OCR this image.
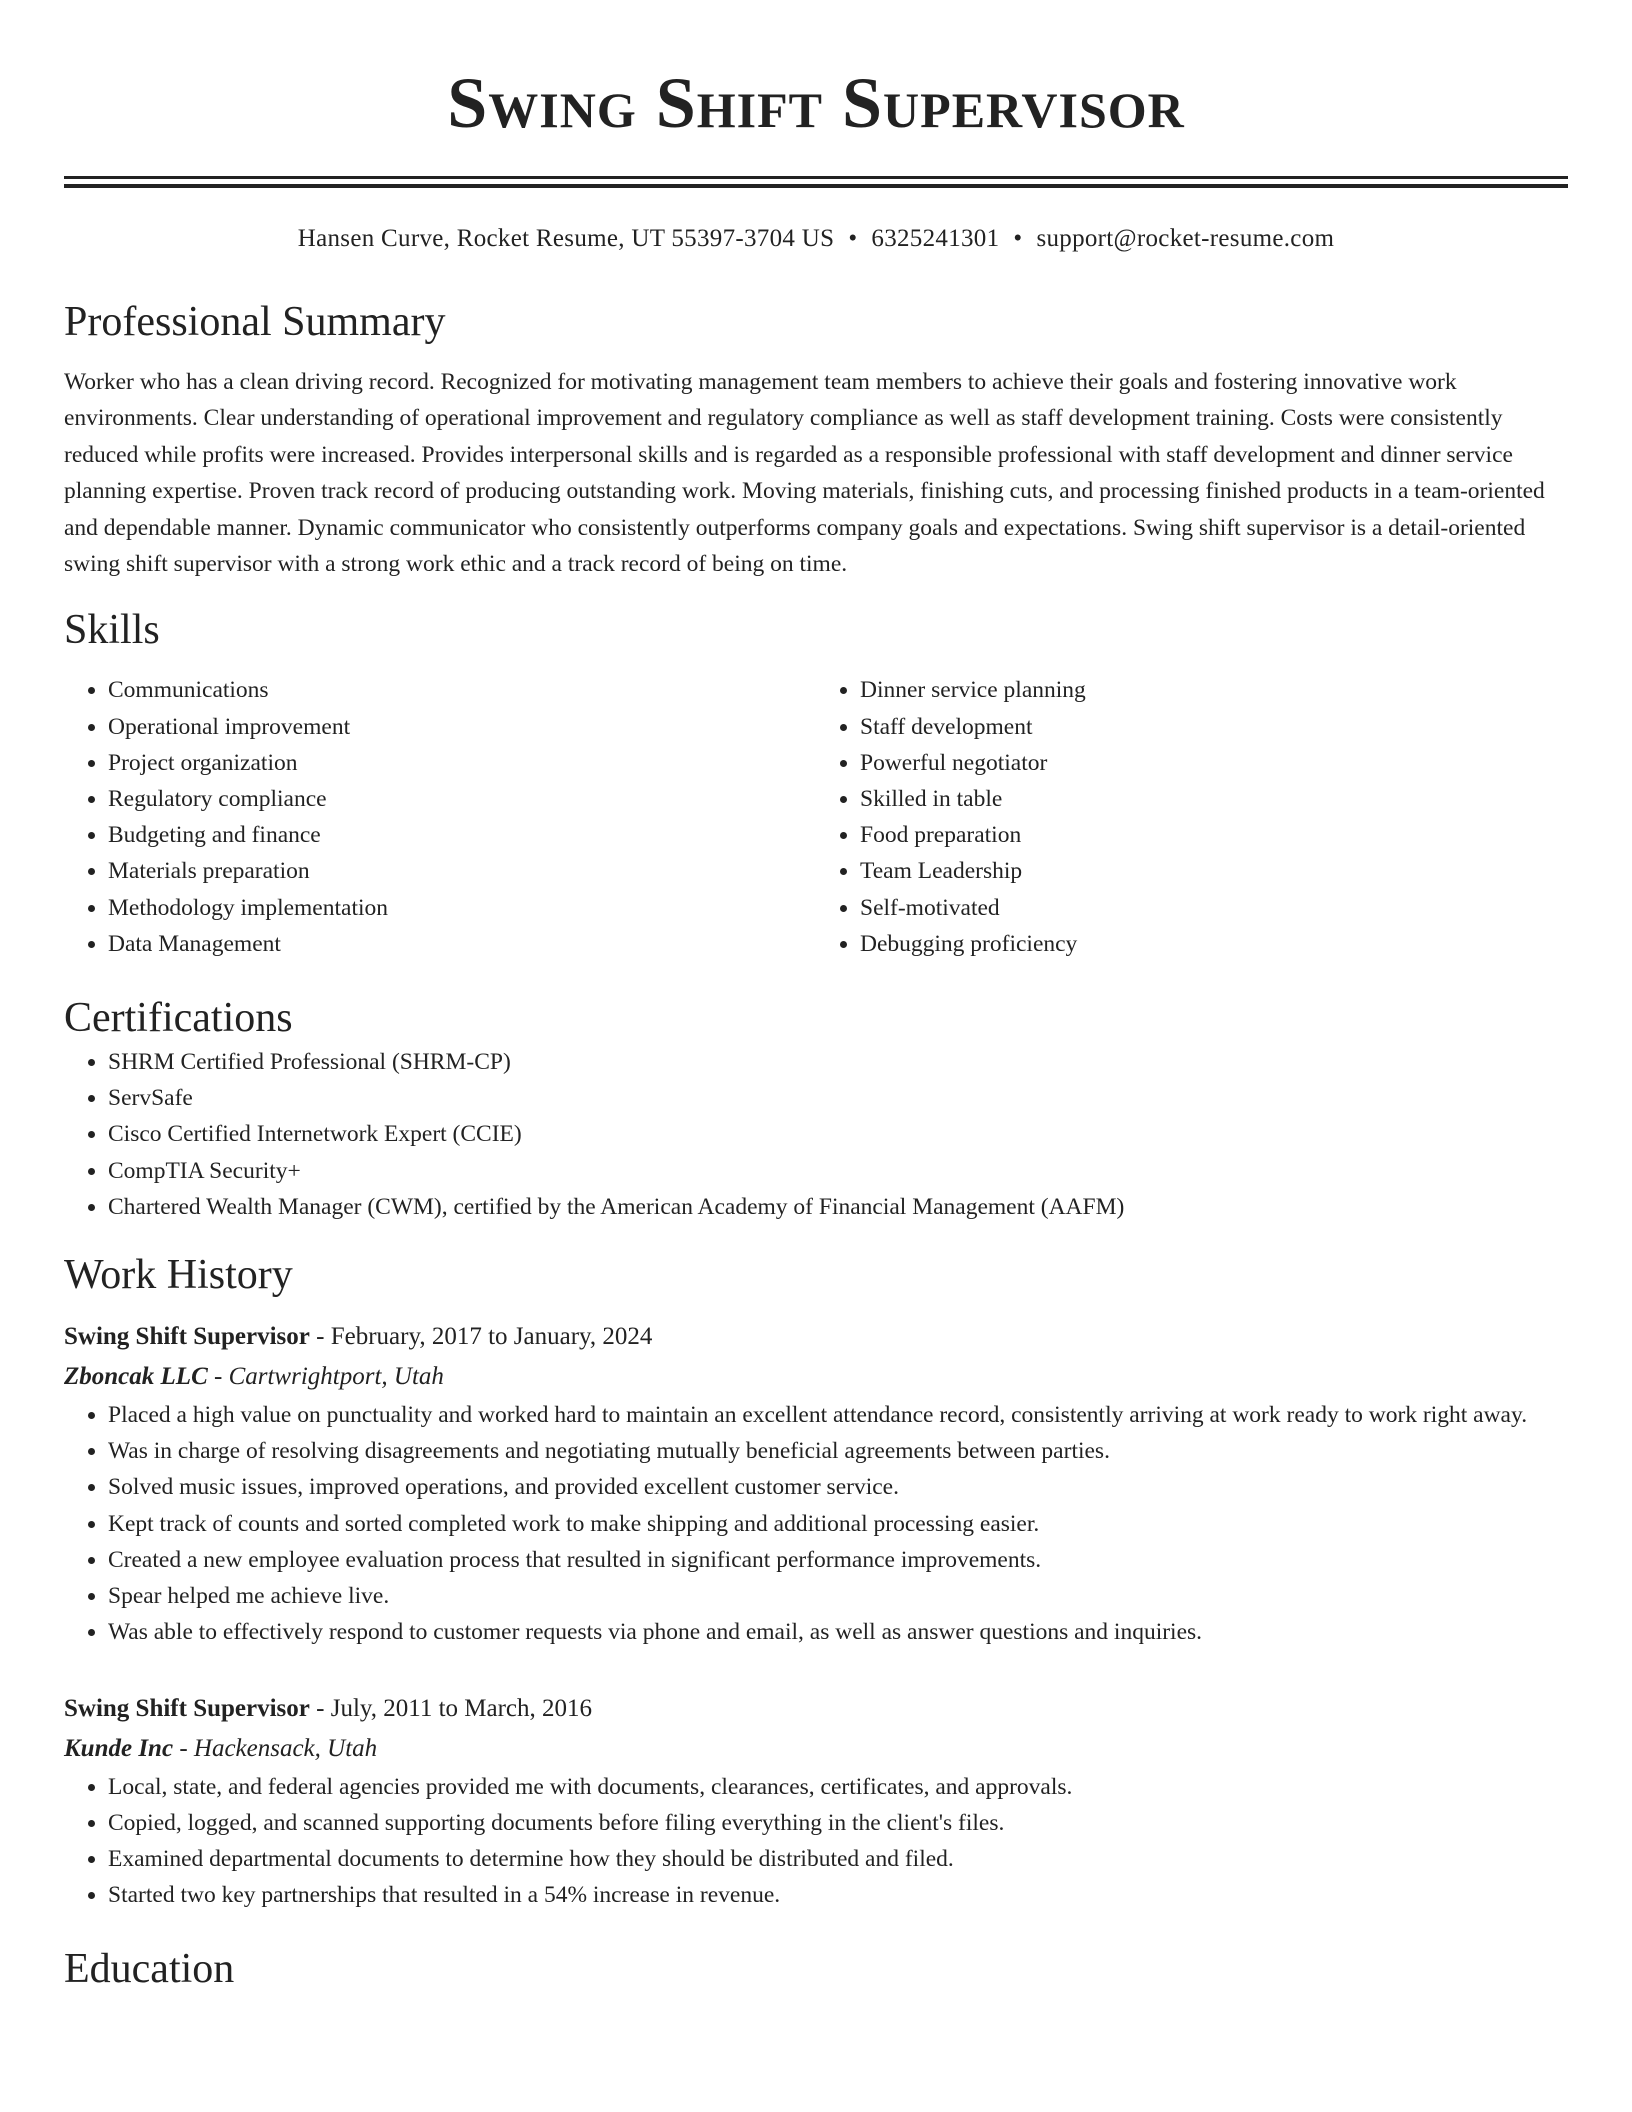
Swing Shift Supervisor
Hansen Curve, Rocket Resume, UT 55397-3704 US • 6325241301 • support@rocket-resume.com
Professional Summary

Worker who has a clean driving record. Recognized for motivating management team members to achieve their goals and fostering innovative work environments. Clear understanding of operational improvement and regulatory compliance as well as staff development training. Costs were consistently reduced while profits were increased. Provides interpersonal skills and is regarded as a responsible professional with staff development and dinner service planning expertise. Proven track record of producing outstanding work. Moving materials, finishing cuts, and processing finished products in a team-oriented and dependable manner. Dynamic communicator who consistently outperforms company goals and expectations. Swing shift supervisor is a detail-oriented swing shift supervisor with a strong work ethic and a track record of being on time.

Skills
• Communications
• Operational improvement
• Project organization
• Regulatory compliance
• Budgeting and finance
• Materials preparation
• Methodology implementation
• Data Management
• Dinner service planning
• Staff development
• Powerful negotiator
• Skilled in table
• Food preparation
• Team Leadership
• Self-motivated
• Debugging proficiency
Certifications
• SHRM Certified Professional (SHRM-CP)
• ServSafe
• Cisco Certified Internetwork Expert (CCIE)
• CompTIA Security+
• Chartered Wealth Manager (CWM), certified by the American Academy of Financial Management (AAFM)
Work History
Swing Shift Supervisor - February, 2017 to January, 2024
Zboncak LLC - Cartwrightport, Utah
• Placed a high value on punctuality and worked hard to maintain an excellent attendance record, consistently arriving at work ready to work right away.
• Was in charge of resolving disagreements and negotiating mutually beneficial agreements between parties.
• Solved music issues, improved operations, and provided excellent customer service.
• Kept track of counts and sorted completed work to make shipping and additional processing easier.
• Created a new employee evaluation process that resulted in significant performance improvements.
• Spear helped me achieve live.
• Was able to effectively respond to customer requests via phone and email, as well as answer questions and inquiries.
Swing Shift Supervisor - July, 2011 to March, 2016
Kunde Inc - Hackensack, Utah
• Local, state, and federal agencies provided me with documents, clearances, certificates, and approvals.
• Copied, logged, and scanned supporting documents before filing everything in the client's files.
• Examined departmental documents to determine how they should be distributed and filed.
• Started two key partnerships that resulted in a 54% increase in revenue.
Education
